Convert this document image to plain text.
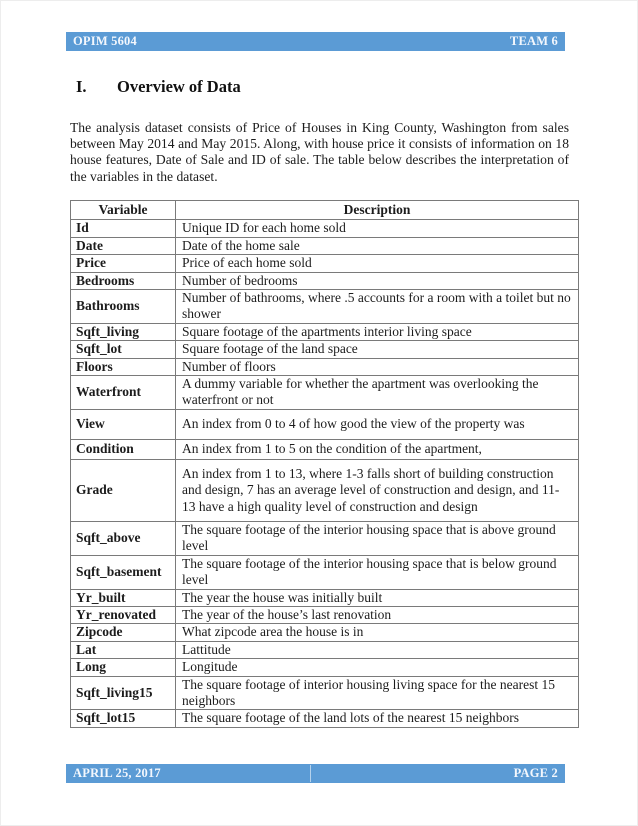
OPIM 5604	TEAM 6
I. Overview of Data

The analysis dataset consists of Price of Houses in King County, Washington from sales between May 2014 and May 2015. Along, with house price it consists of information on 18 house features, Date of Sale and ID of sale. The table below describes the interpretation of the variables in the dataset.

Variable	Description
Id	Unique ID for each home sold
Date	Date of the home sale
Price	Price of each home sold
Bedrooms	Number of bedrooms
Bathrooms	Number of bathrooms, where .5 accounts for a room with a toilet but no shower
Sqft_living	Square footage of the apartments interior living space
Sqft_lot	Square footage of the land space
Floors	Number of floors
Waterfront	A dummy variable for whether the apartment was overlooking the waterfront or not
View	An index from 0 to 4 of how good the view of the property was
Condition	An index from 1 to 5 on the condition of the apartment,
Grade	An index from 1 to 13, where 1-3 falls short of building construction and design, 7 has an average level of construction and design, and 11-13 have a high quality level of construction and design
Sqft_above	The square footage of the interior housing space that is above ground level
Sqft_basement	The square footage of the interior housing space that is below ground level
Yr_built	The year the house was initially built
Yr_renovated	The year of the house’s last renovation
Zipcode	What zipcode area the house is in
Lat	Lattitude
Long	Longitude
Sqft_living15	The square footage of interior housing living space for the nearest 15 neighbors
Sqft_lot15	The square footage of the land lots of the nearest 15 neighbors
APRIL 25, 2017	PAGE 2
